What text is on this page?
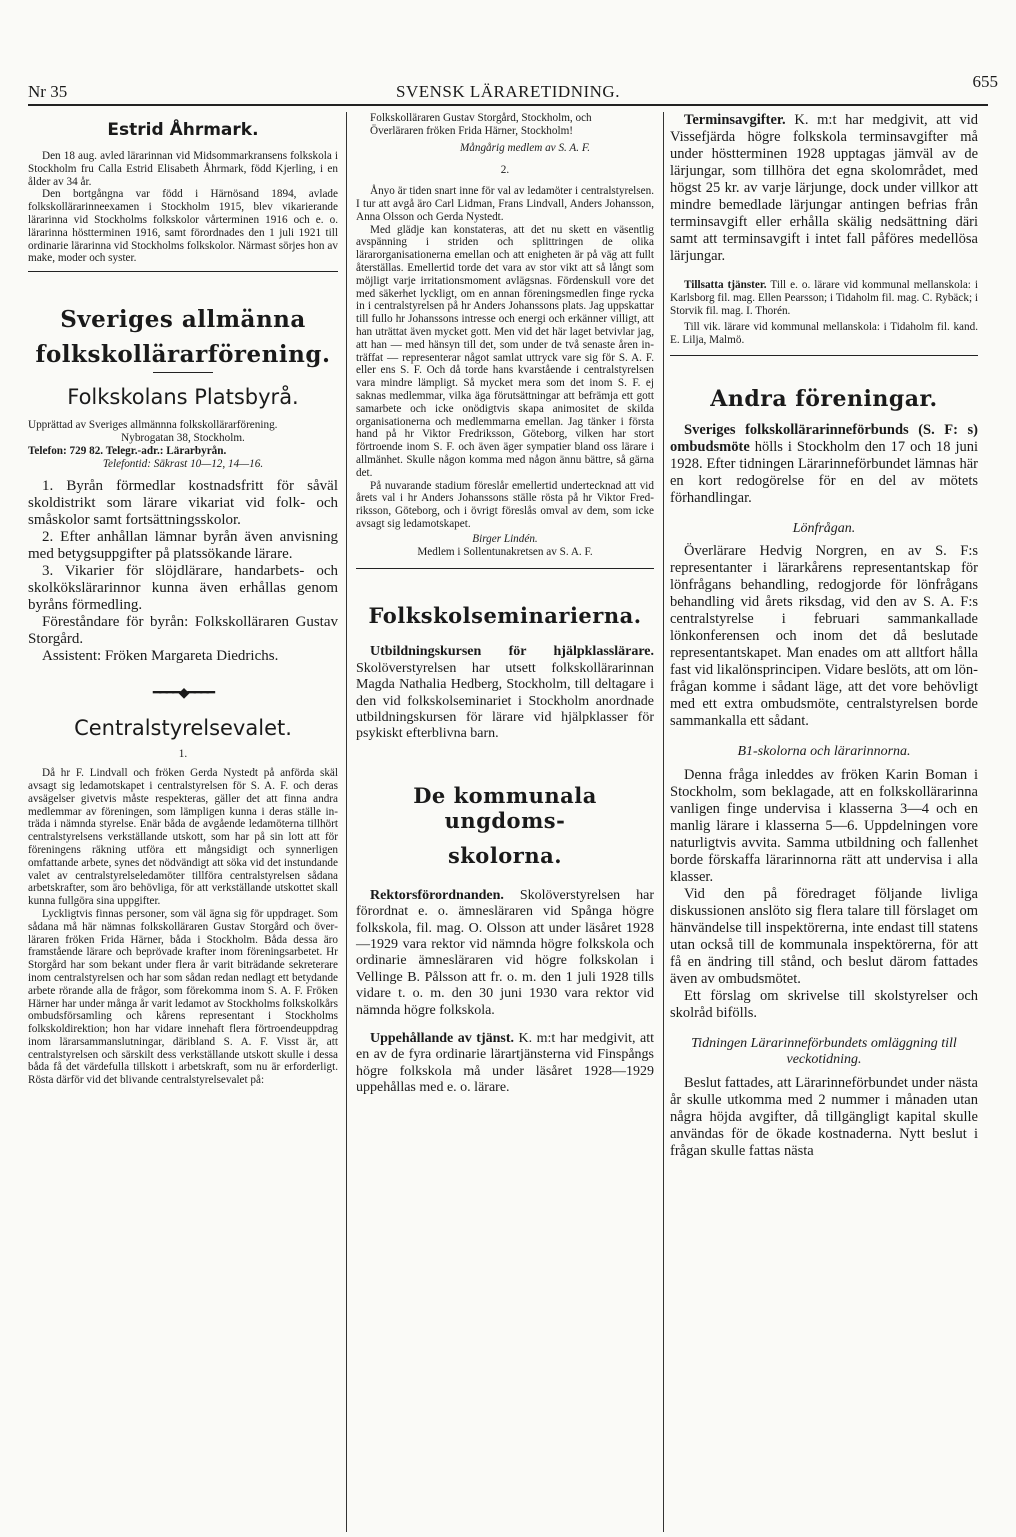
Nr 35	SVENSK LÄRARETIDNING.
655
Estrid Åhrmark.

Den 18 aug. avled lärarinnan vid Midsommarkransens folkskola i Stockholm fru Calla Estrid Elisabeth Åhrmark, född Kjerling, i en ålder av 34 år.

Den bortgångna var född i Härnösand 1894, avlade folkskollärarinneexamen i Stockholm 1915, blev vikarierande lärarinna vid Stockholms folkskolor vårterminen 1916 och e. o. lärarinna höstterminen 1916, samt förordnades den 1 juli 1921 till ordinarie lärarinna vid Stockholms folkskolor. Närmast sörjes hon av make, moder och syster.

Sveriges allmänna
folkskollärarförening.
Folkskolans Platsbyrå.

Upprättad av Sveriges allmännna folkskollärarförening.

Nybrogatan 38, Stockholm.

Telefon: 729 82. Telegr.-adr.: Lärarbyrån.

Telefontid: Säkrast 10—12, 14—16.

1. Byrån förmedlar kostnadsfritt för såväl skoldistrikt som lärare vikariat vid folk- och småskolor samt fortsättningsskolor.

2. Efter anhållan lämnar byrån även anvisning med betygsuppgifter på platssökande lärare.

3. Vikarier för slöjdlärare, handarbets- och skolkökslärarinnor kunna även erhållas genom byråns förmedling.

Föreståndare för byrån: Folkskolläraren Gustav Storgård.

Assistent: Fröken Margareta Diedrichs.

━━━━◆━━━━
Centralstyrelsevalet.

1.

Då hr F. Lindvall och fröken Gerda Nystedt på anförda skäl avsagt sig ledamotskapet i centralstyrelsen för S. A. F. och deras avsägelser givetvis måste respekteras, gäller det att finna andra medlemmar av föreningen, som lämpligen kunna i deras ställe inträda i nämnda styrelse. Enär båda de avgående ledamöterna tillhört centralstyrelsens verkställande utskott, som har på sin lott att för föreningens räkning utföra ett mångsidigt och synnerligen omfattande arbete, synes det nödvändigt att söka vid det instundande valet av centralstyrelseledamöter tillföra centralstyrelsen sådana arbetskrafter, som äro behövliga, för att verkställande utskottet skall kunna fullgöra sina uppgifter.

Lyckligtvis finnas personer, som väl ägna sig för uppdraget. Som sådana må här nämnas folkskolläraren Gustav Storgård och överläraren fröken Frida Härner, båda i Stockholm. Båda dessa äro framstående lärare och beprövade krafter inom föreningsarbetet. Hr Storgård har som bekant under flera år varit biträdande sekreterare inom centralstyrelsen och har som sådan redan nedlagt ett betydande arbete rörande alla de frågor, som förekomma inom S. A. F. Fröken Härner har under många år varit ledamot av Stockholms folkskolkårs ombudsförsamling och kårens representant i Stockholms folkskoldirektion; hon har vidare innehaft flera förtroendeuppdrag inom lärarsammanslutningar, däribland S. A. F. Visst är, att centralstyrelsen och särskilt dess verkställande utskott skulle i dessa båda få det värdefulla tillskott i arbetskraft, som nu är erforderligt. Rösta därför vid det blivande centralstyrelsevalet på:

Folkskolläraren Gustav Storgård, Stockholm, och

Överläraren fröken Frida Härner, Stockholm!

Mångårig medlem av S. A. F.

2.

Ånyo är tiden snart inne för val av ledamöter i centralstyrelsen. I tur att avgå äro Carl Lidman, Frans Lindvall, Anders Johansson, Anna Olsson och Gerda Nystedt.

Med glädje kan konstateras, att det nu skett en väsentlig avspänning i striden och splittringen de olika lärarorganisationerna emellan och att enigheten är på väg att fullt återställas. Emellertid torde det vara av stor vikt att så långt som möjligt varje irritationsmoment avlägsnas. Fördenskull vore det med säkerhet lyckligt, om en annan föreningsmedlen finge rycka in i centralstyrelsen på hr Anders Johanssons plats. Jag uppskattar till fullo hr Johanssons intresse och energi och erkänner villigt, att han uträttat även mycket gott. Men vid det här laget betvivlar jag, att han — med hänsyn till det, som under de två senaste åren inträffat — representerar något samlat uttryck vare sig för S. A. F. eller ens S. F. Och då torde hans kvarstående i centralstyrelsen vara mindre lämpligt. Så mycket mera som det inom S. F. ej saknas medlemmar, vilka äga förutsättningar att befrämja ett gott samarbete och icke onödigtvis skapa animositet de skilda organisationerna och medlemmarna emellan. Jag tänker i första hand på hr Viktor Fredriksson, Göteborg, vilken har stort förtroende inom S. F. och även äger sympatier bland oss lärare i allmänhet. Skulle någon komma med någon ännu bättre, så gärna det.

På nuvarande stadium föreslår emellertid undertecknad att vid årets val i hr Anders Johanssons ställe rösta på hr Viktor Fredriksson, Göteborg, och i övrigt föreslås omval av dem, som icke avsagt sig ledamotskapet.

Birger Lindén.

Medlem i Sollentunakretsen av S. A. F.

Folkskolseminarierna.

Utbildningskursen för hjälpklasslärare. Skolöverstyrelsen har utsett folkskollärarinnan Magda Nathalia Hedberg, Stockholm, till deltagare i den vid folkskolseminariet i Stockholm anordnade utbildningskursen för lärare vid hjälpklasser för psykiskt efterblivna barn.

De kommunala ungdoms-
skolorna.

Rektorsförordnanden. Skolöverstyrelsen har förordnat e. o. ämnesläraren vid Spånga högre folkskola, fil. mag. O. Olsson att under läsåret 1928—1929 vara rektor vid nämnda högre folkskola och ordinarie ämnesläraren vid högre folkskolan i Vellinge B. Pålsson att fr. o. m. den 1 juli 1928 tills vidare t. o. m. den 30 juni 1930 vara rektor vid nämnda högre folkskola.

Uppehållande av tjänst. K. m:t har medgivit, att en av de fyra ordinarie lärartjänsterna vid Finspångs högre folkskola må under läsåret 1928—1929 uppehållas med e. o. lärare.

Terminsavgifter. K. m:t har medgivit, att vid Vissefjärda högre folkskola terminsavgifter må under höstterminen 1928 upptagas jämväl av de lärjungar, som tillhöra det egna skolområdet, med högst 25 kr. av varje lärjunge, dock under villkor att mindre bemedlade lärjungar antingen befrias från terminsavgift eller erhålla skälig nedsättning däri samt att terminsavgift i intet fall påföres medellösa lärjungar.

Tillsatta tjänster. Till e. o. lärare vid kommunal mellanskola: i Karlsborg fil. mag. Ellen Pearsson; i Tidaholm fil. mag. C. Rybäck; i Storvik fil. mag. I. Thorén.

Till vik. lärare vid kommunal mellanskola: i Tidaholm fil. kand. E. Lilja, Malmö.

Andra föreningar.

Sveriges folkskollärarinneförbunds (S. F: s) ombudsmöte hölls i Stockholm den 17 och 18 juni 1928. Efter tidningen Lärarinneförbundet lämnas här en kort redogörelse för en del av mötets förhandlingar.

Lönfrågan.

Överlärare Hedvig Norgren, en av S. F:s representanter i lärarkårens representantskap för lönfrågans behandling, redogjorde för lönfrågans behandling vid årets riksdag, vid den av S. A. F:s centralstyrelse i februari sammankallade lönkonferensen och inom det då beslutade representantskapet. Man enades om att alltfort hålla fast vid likalönsprincipen. Vidare beslöts, att om lönfrågan komme i sådant läge, att det vore behövligt med ett extra ombudsmöte, centralstyrelsen borde sammankalla ett sådant.

B1-skolorna och lärarinnorna.

Denna fråga inleddes av fröken Karin Boman i Stockholm, som beklagade, att en folkskollärarinna vanligen finge undervisa i klasserna 3—4 och en manlig lärare i klasserna 5—6. Uppdelningen vore naturligtvis avvita. Samma utbildning och fallenhet borde förskaffa lärarinnorna rätt att undervisa i alla klasser.

Vid den på föredraget följande livliga diskussionen anslöto sig flera talare till förslaget om hänvändelse till inspektörerna, inte endast till statens utan också till de kommunala inspektörerna, för att få en ändring till stånd, och beslut därom fattades även av ombudsmötet.

Ett förslag om skrivelse till skolstyrelser och skolråd bifölls.

Tidningen Lärarinneförbundets omläggning till veckotidning.

Beslut fattades, att Lärarinneförbundet under nästa år skulle utkomma med 2 nummer i månaden utan några höjda avgifter, då tillgängligt kapital skulle användas för de ökade kostnaderna. Nytt beslut i frågan skulle fattas nästa
